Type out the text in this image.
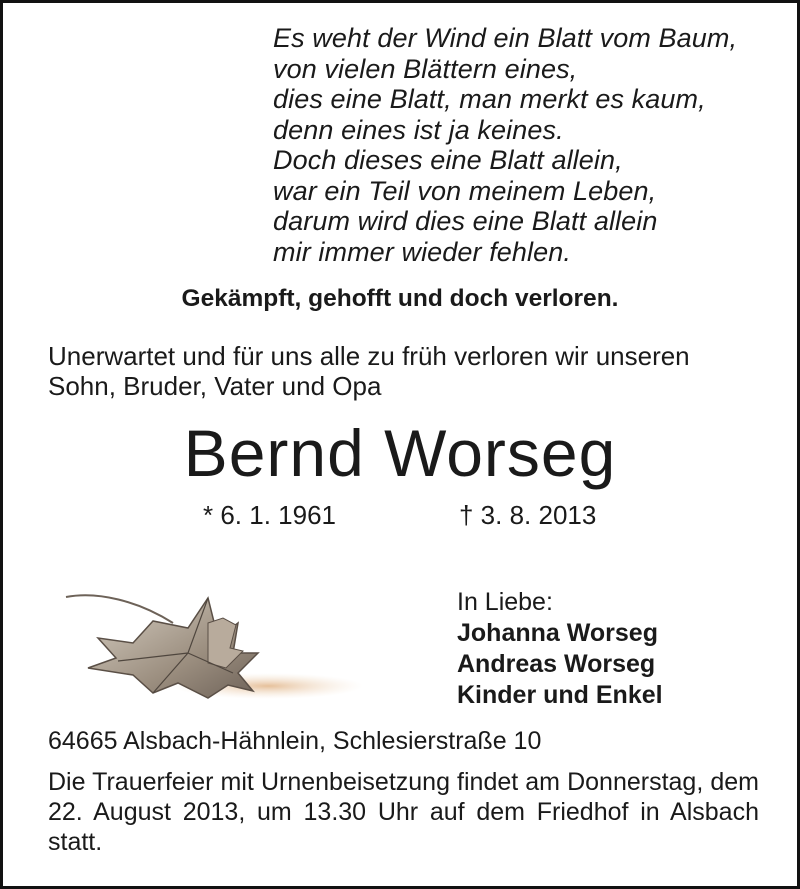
Es weht der Wind ein Blatt vom Baum,
von vielen Blättern eines,
dies eine Blatt, man merkt es kaum,
denn eines ist ja keines.
Doch dieses eine Blatt allein,
war ein Teil von meinem Leben,
darum wird dies eine Blatt allein
mir immer wieder fehlen.
Gekämpft, gehofft und doch verloren.
Unerwartet und für uns alle zu früh verloren wir unseren
Sohn, Bruder, Vater und Opa
Bernd Worseg
* 6. 1. 1961	† 3. 8. 2013
In Liebe:
Johanna Worseg
Andreas Worseg
Kinder und Enkel
64665 Alsbach-Hähnlein, Schlesierstraße 10
Die Trauerfeier mit Urnenbeisetzung findet am Donnerstag, dem 22. August 2013, um 13.30 Uhr auf dem Friedhof in Alsbach statt.
